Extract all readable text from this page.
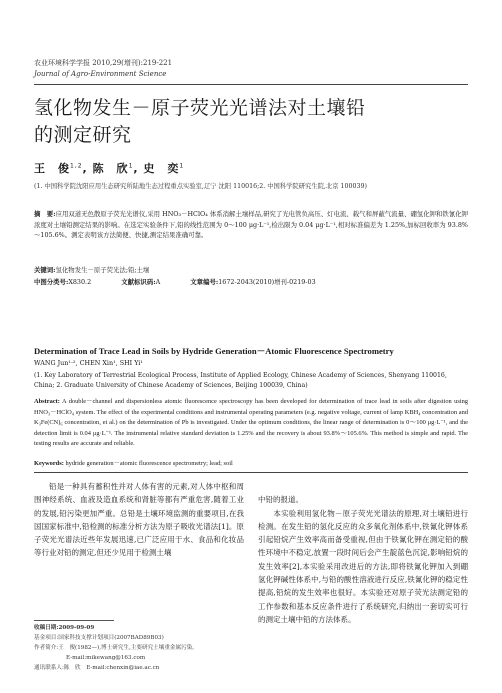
农业环境科学学报 2010,29(增刊):219-221
Journal of Agro-Environment Science
氢化物发生－原子荧光光谱法对土壤铅
的测定研究
王　俊$^{1,2}$, 陈　欣$^1$, 史　奕$^1$
(1. 中国科学院沈阳应用生态研究所陆地生态过程重点实验室,辽宁 沈阳 110016;2. 中国科学院研究生院,北京 100039)
摘　要:应用双道无色散原子荧光光谱仪,采用 HNO₃－HClO₄ 体系消解土壤样品,研究了光电管负高压、灯电流、载气和屏蔽气流量、硼氢化钾和铁氰化钾浓度对土壤铅测定结果的影响。在选定实验条件下,铅的线性范围为 0～100 μg·L⁻¹,检出限为 0.04 μg·L⁻¹,相对标准偏差为 1.25%,加标回收率为 93.8%～105.6%。测定表明该方法简便、快捷,测定结果准确可靠。
关键词:氢化物发生－原子荧光法;铅;土壤
中图分类号:X830.2	文献标识码:A	文章编号:1672-2043(2010)增刊-0219-03
Determination of Trace Lead in Soils by Hydride Generation－Atomic Fluorescence Spectrometry
WANG Jun¹·², CHEN Xin¹, SHI Yi¹
(1. Key Laboratory of Terrestrial Ecological Process, Institute of Applied Ecology, Chinese Academy of Sciences, Shenyang 110016, China; 2. Graduate University of Chinese Academy of Sciences, Beijing 100039, China)
Abstract: A double－channel and dispersionless atomic fluorescence spectroscopy has been developed for determination of trace lead in soils after digestion using HNO₃－HClO₄ system. The effect of the experimental conditions and instrumental operating parameters (e.g. negative voltage, current of lamp KBH₄ concentration and K₃Fe(CN)₆ concentration, et al.) on the determination of Pb is investigated. Under the optimum conditions, the linear range of determination is 0～100 μg·L⁻¹, and the detection limit is 0.04 μg·L⁻¹. The instrumental relative standard deviation is 1.25% and the recovery is about 93.8%～105.6%. This method is simple and rapid. The testing results are accurate and reliable.
Keywords: hydride generation－atomic fluorescence spectrometry; lead; soil
铅是一种具有蓄积性并对人体有害的元素,对人体中枢和周围神经系统、血液及造血系统和肾脏等都有严重危害,随着工业的发展,铅污染更加严重。总铅是土壤环境监测的重要项目,在我国国家标准中,铅检测的标准分析方法为原子吸收光谱法[1]。原子荧光光谱法近些年发展迅速,已广泛应用于水、食品和化妆品等行业对铅的测定,但还少见用于检测土壤

中铅的报道。
　　本实验利用氢化物－原子荧光光谱法的原理,对土壤铅进行检测。在发生铅的氢化反应的众多氧化剂体系中,铁氰化钾体系引起铅烷产生效率高而备受重视,但由于铁氰化钾在测定铅的酸性环境中不稳定,放置一段时间后会产生靛蓝色沉淀,影响铅烷的发生效率[2],本实验采用改进后的方法,即将铁氰化钾加入到硼氢化钾碱性体系中,与铅的酸性溶液进行反应,铁氰化钾的稳定性提高,铅烷的发生效率也很好。本实验还对原子荧光法测定铅的工作参数和基本反应条件进行了系统研究,归纳出一套切实可行的测定土壤中铅的方法体系。

收稿日期:2009-09-09
基金项目:国家科技支撑计划项目(2007BAD89B03)
作者简介:王　俊(1982—),博士研究生,主要研究土壤重金属污染。
E-mail:mikewang@163.com
通讯联系人:陈　欣　E-mail:chenxin@iae.ac.cn
